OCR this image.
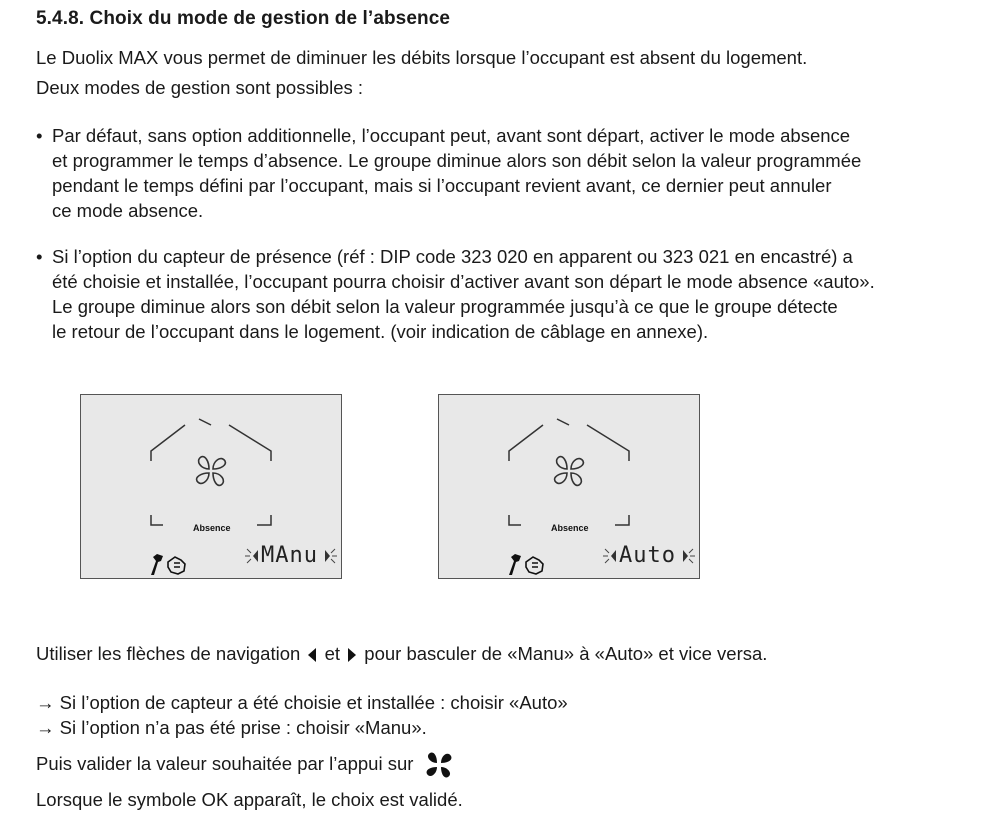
5.4.8. Choix du mode de gestion de l’absence
Le Duolix MAX vous permet de diminuer les débits lorsque l’occupant est absent du logement.
Deux modes de gestion sont possibles :
• Par défaut, sans option additionnelle, l’occupant peut, avant sont départ, activer le mode absence
et programmer le temps d’absence. Le groupe diminue alors son débit selon la valeur programmée
pendant le temps défini par l’occupant, mais si l’occupant revient avant, ce dernier peut annuler
ce mode absence.
• Si l’option du capteur de présence (réf : DIP code 323 020 en apparent ou 323 021 en encastré) a
été choisie et installée, l’occupant pourra choisir d’activer avant son départ le mode absence «auto».
Le groupe diminue alors son débit selon la valeur programmée jusqu’à ce que le groupe détecte
le retour de l’occupant dans le logement. (voir indication de câblage en annexe).
Absence
MAnu
Absence
Auto
Utiliser les flèches de navigation et pour basculer de «Manu» à «Auto» et vice versa.
→ Si l’option de capteur a été choisie et installée : choisir «Auto»
→ Si l’option n’a pas été prise : choisir «Manu».
Puis valider la valeur souhaitée par l’appui sur
Lorsque le symbole OK apparaît, le choix est validé.
